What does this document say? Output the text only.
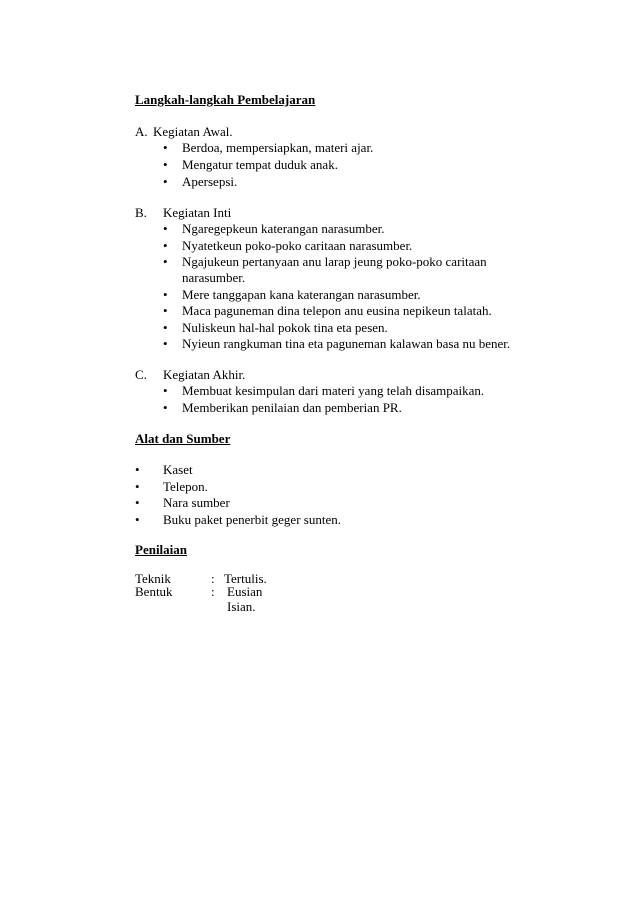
Langkah-langkah Pembelajaran
A. Kegiatan Awal.
•
Berdoa, mempersiapkan, materi ajar.
•
Mengatur tempat duduk anak.
•
Apersepsi.
B. Kegiatan Inti
•
Ngaregepkeun katerangan narasumber.
•
Nyatetkeun poko-poko caritaan narasumber.
•
Ngajukeun pertanyaan anu larap jeung poko-poko caritaan
narasumber.
•
Mere tanggapan kana katerangan narasumber.
•
Maca paguneman dina telepon anu eusina nepikeun talatah.
•
Nuliskeun hal-hal pokok tina eta pesen.
•
Nyieun rangkuman tina eta paguneman kalawan basa nu bener.
C. Kegiatan Akhir.
•
Membuat kesimpulan dari materi yang telah disampaikan.
•
Memberikan penilaian dan pemberian PR.
Alat dan Sumber
•
Kaset
•
Telepon.
•
Nara sumber
•
Buku paket penerbit geger sunten.
Penilaian
Teknik	: Tertulis.
Bentuk	: Eusian
Isian.
